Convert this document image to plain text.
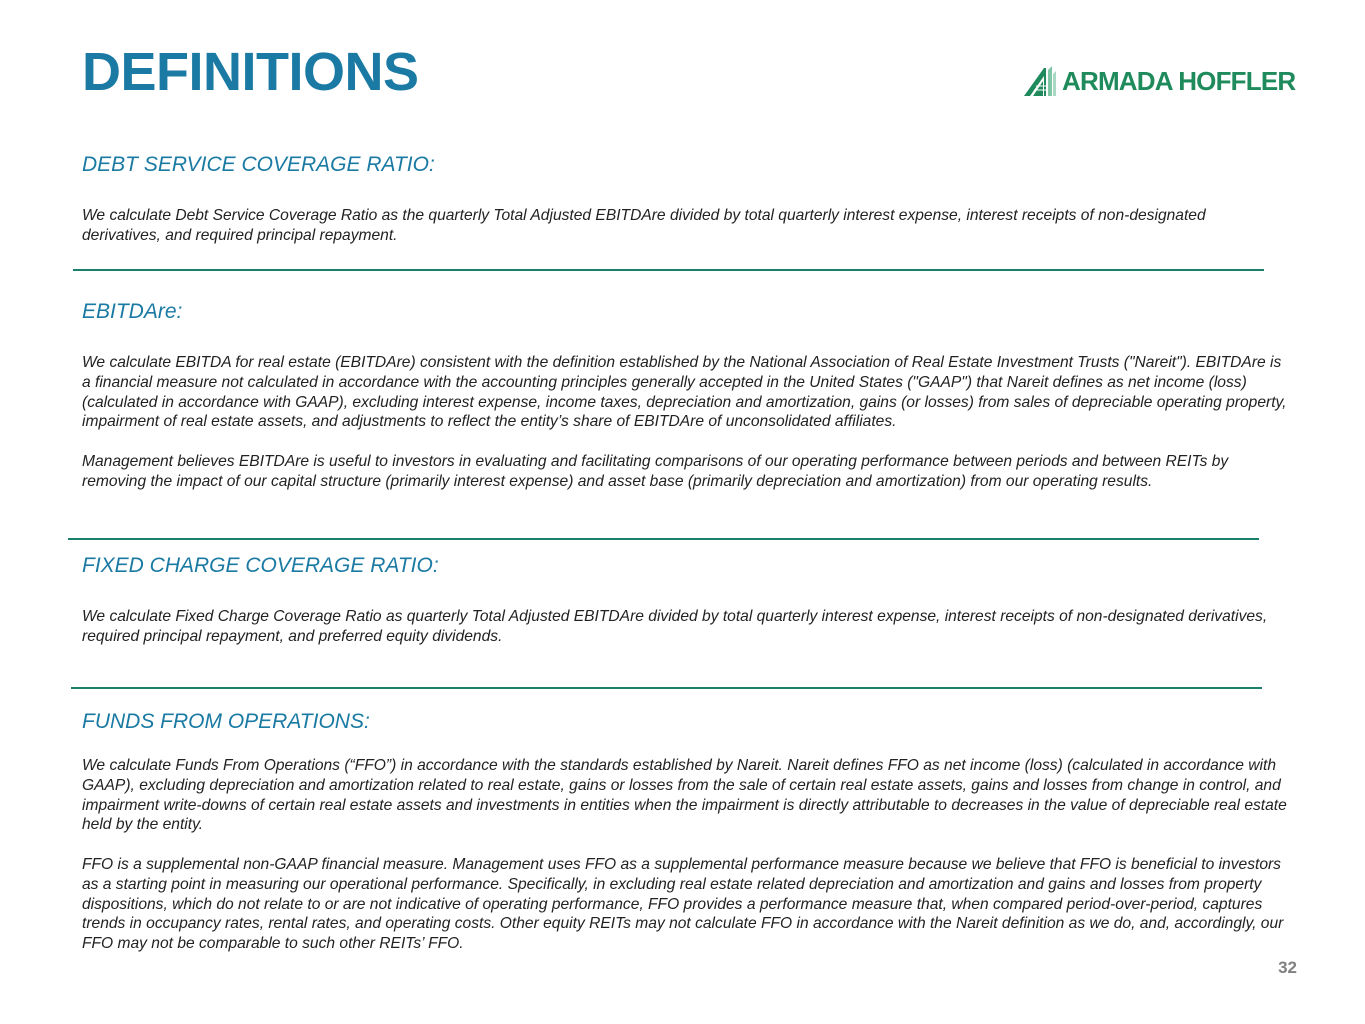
DEFINITIONS	ARMADA HOFFLER
DEBT SERVICE COVERAGE RATIO:

We calculate Debt Service Coverage Ratio as the quarterly Total Adjusted EBITDAre divided by total quarterly interest expense, interest receipts of non-designated derivatives, and required principal repayment.

EBITDAre:

We calculate EBITDA for real estate (EBITDAre) consistent with the definition established by the National Association of Real Estate Investment Trusts ("Nareit"). EBITDAre is a financial measure not calculated in accordance with the accounting principles generally accepted in the United States ("GAAP") that Nareit defines as net income (loss) (calculated in accordance with GAAP), excluding interest expense, income taxes, depreciation and amortization, gains (or losses) from sales of depreciable operating property, impairment of real estate assets, and adjustments to reflect the entity’s share of EBITDAre of unconsolidated affiliates.

Management believes EBITDAre is useful to investors in evaluating and facilitating comparisons of our operating performance between periods and between REITs by removing the impact of our capital structure (primarily interest expense) and asset base (primarily depreciation and amortization) from our operating results.

FIXED CHARGE COVERAGE RATIO:

We calculate Fixed Charge Coverage Ratio as quarterly Total Adjusted EBITDAre divided by total quarterly interest expense, interest receipts of non-designated derivatives, required principal repayment, and preferred equity dividends.

FUNDS FROM OPERATIONS:

We calculate Funds From Operations (“FFO”) in accordance with the standards established by Nareit. Nareit defines FFO as net income (loss) (calculated in accordance with GAAP), excluding depreciation and amortization related to real estate, gains or losses from the sale of certain real estate assets, gains and losses from change in control, and impairment write-downs of certain real estate assets and investments in entities when the impairment is directly attributable to decreases in the value of depreciable real estate held by the entity.

FFO is a supplemental non-GAAP financial measure. Management uses FFO as a supplemental performance measure because we believe that FFO is beneficial to investors as a starting point in measuring our operational performance. Specifically, in excluding real estate related depreciation and amortization and gains and losses from property dispositions, which do not relate to or are not indicative of operating performance, FFO provides a performance measure that, when compared period-over-period, captures trends in occupancy rates, rental rates, and operating costs. Other equity REITs may not calculate FFO in accordance with the Nareit definition as we do, and, accordingly, our FFO may not be comparable to such other REITs’ FFO.

32
